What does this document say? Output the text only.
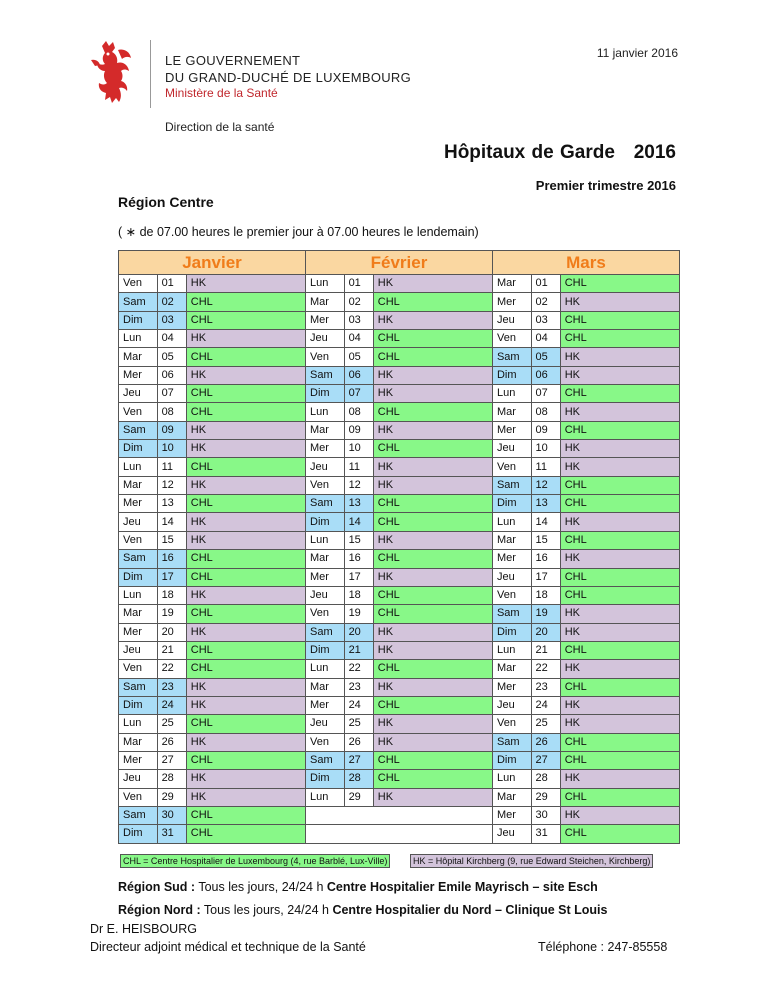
LE GOUVERNEMENT
DU GRAND-DUCHÉ DE LUXEMBOURG
Ministère de la Santé
Direction de la santé
11 janvier 2016
Hôpitaux de Garde   2016
Premier trimestre 2016
Région Centre
( ∗ de 07.00 heures le premier jour à 07.00 heures le lendemain)
Janvier			Février			Mars		
Ven	01	HK	Lun	01	HK	Mar	01	CHL
Sam	02	CHL	Mar	02	CHL	Mer	02	HK
Dim	03	CHL	Mer	03	HK	Jeu	03	CHL
Lun	04	HK	Jeu	04	CHL	Ven	04	CHL
Mar	05	CHL	Ven	05	CHL	Sam	05	HK
Mer	06	HK	Sam	06	HK	Dim	06	HK
Jeu	07	CHL	Dim	07	HK	Lun	07	CHL
Ven	08	CHL	Lun	08	CHL	Mar	08	HK
Sam	09	HK	Mar	09	HK	Mer	09	CHL
Dim	10	HK	Mer	10	CHL	Jeu	10	HK
Lun	11	CHL	Jeu	11	HK	Ven	11	HK
Mar	12	HK	Ven	12	HK	Sam	12	CHL
Mer	13	CHL	Sam	13	CHL	Dim	13	CHL
Jeu	14	HK	Dim	14	CHL	Lun	14	HK
Ven	15	HK	Lun	15	HK	Mar	15	CHL
Sam	16	CHL	Mar	16	CHL	Mer	16	HK
Dim	17	CHL	Mer	17	HK	Jeu	17	CHL
Lun	18	HK	Jeu	18	CHL	Ven	18	CHL
Mar	19	CHL	Ven	19	CHL	Sam	19	HK
Mer	20	HK	Sam	20	HK	Dim	20	HK
Jeu	21	CHL	Dim	21	HK	Lun	21	CHL
Ven	22	CHL	Lun	22	CHL	Mar	22	HK
Sam	23	HK	Mar	23	HK	Mer	23	CHL
Dim	24	HK	Mer	24	CHL	Jeu	24	HK
Lun	25	CHL	Jeu	25	HK	Ven	25	HK
Mar	26	HK	Ven	26	HK	Sam	26	CHL
Mer	27	CHL	Sam	27	CHL	Dim	27	CHL
Jeu	28	HK	Dim	28	CHL	Lun	28	HK
Ven	29	HK	Lun	29	HK	Mar	29	CHL
Sam	30	CHL				Mer	30	HK
Dim	31	CHL				Jeu	31	CHL
CHL = Centre Hospitalier de Luxembourg (4, rue Barblé, Lux-Ville)	HK = Hôpital Kirchberg (9, rue Edward Steichen, Kirchberg)
Région Sud : Tous les jours, 24/24 h Centre Hospitalier Emile Mayrisch – site Esch
Région Nord : Tous les jours, 24/24 h Centre Hospitalier du Nord – Clinique St Louis
Dr E. HEISBOURG
Directeur adjoint médical et technique de la Santé	Téléphone : 247-85558
